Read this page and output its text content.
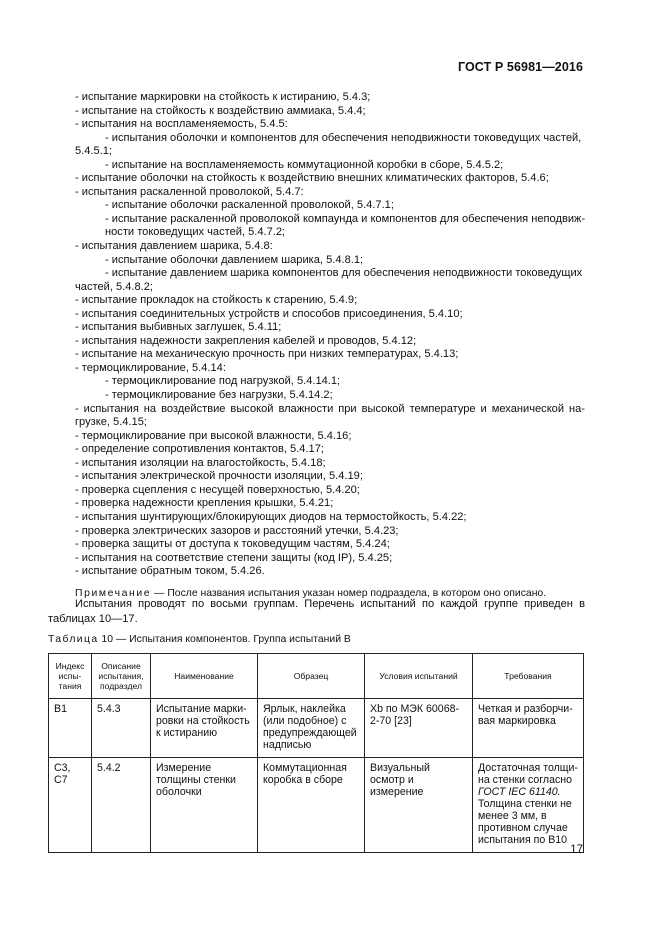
ГОСТ Р 56981—2016
- испытание маркировки на стойкость к истиранию, 5.4.3;
- испытание на стойкость к воздействию аммиака, 5.4.4;
- испытания на воспламеняемость, 5.4.5:
- испытания оболочки и компонентов для обеспечения неподвижности токоведущих частей,
5.4.5.1;
- испытание на воспламеняемость коммутационной коробки в сборе, 5.4.5.2;
- испытание оболочки на стойкость к воздействию внешних климатических факторов, 5.4.6;
- испытания раскаленной проволокой, 5.4.7:
- испытание оболочки раскаленной проволокой, 5.4.7.1;
- испытание раскаленной проволокой компаунда и компонентов для обеспечения неподвиж-
ности токоведущих частей, 5.4.7.2;
- испытания давлением шарика, 5.4.8:
- испытание оболочки давлением шарика, 5.4.8.1;
- испытание давлением шарика компонентов для обеспечения неподвижности токоведущих
частей, 5.4.8.2;
- испытание прокладок на стойкость к старению, 5.4.9;
- испытания соединительных устройств и способов присоединения, 5.4.10;
- испытания выбивных заглушек, 5.4.11;
- испытания надежности закрепления кабелей и проводов, 5.4.12;
- испытание на механическую прочность при низких температурах, 5.4.13;
- термоциклирование, 5.4.14:
- термоциклирование под нагрузкой, 5.4.14.1;
- термоциклирование без нагрузки, 5.4.14.2;
- испытания на воздействие высокой влажности при высокой температуре и механической на-
грузке, 5.4.15;
- термоциклирование при высокой влажности, 5.4.16;
- определение сопротивления контактов, 5.4.17;
- испытания изоляции на влагостойкость, 5.4.18;
- испытания электрической прочности изоляции, 5.4.19;
- проверка сцепления с несущей поверхностью, 5.4.20;
- проверка надежности крепления крышки, 5.4.21;
- испытания шунтирующих/блокирующих диодов на термостойкость, 5.4.22;
- проверка электрических зазоров и расстояний утечки, 5.4.23;
- проверка защиты от доступа к токоведущим частям, 5.4.24;
- испытания на соответствие степени защиты (код IP), 5.4.25;
- испытание обратным током, 5.4.26.
Примечание — После названия испытания указан номер подраздела, в котором оно описано.
Испытания проводят по восьми группам. Перечень испытаний по каждой группе приведен в таблицах 10—17.
Таблица 10 — Испытания компонентов. Группа испытаний B
Индекс испы-тания	Описание испытания, подраздел	Наименование	Образец	Условия испытаний	Требования
B1	5.4.3	Испытание марки-ровки на стойкость к истиранию	Ярлык, наклейка (или подобное) с предупреждающей надписью	Xb по МЭК 60068-2-70 [23]	Четкая и разборчи-вая маркировка
C3, C7	5.4.2	Измерение толщины стенки оболочки	Коммутационная коробка в сборе	Визуальный осмотр и измерение	Достаточная толщи-на стенки согласно ГОСТ IEC 61140. Толщина стенки не менее 3 мм, в противном случае испытания по B10
17
